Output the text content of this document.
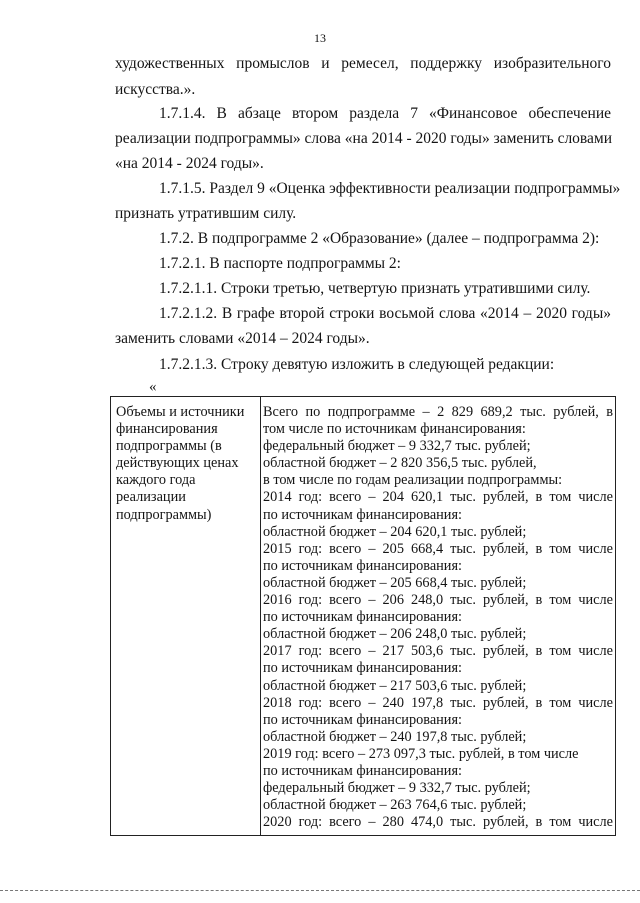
13
художественных промыслов и ремесел, поддержку изобразительного
искусства.».
1.7.1.4. В абзаце втором раздела 7 «Финансовое обеспечение
реализации подпрограммы» слова «на 2014 - 2020 годы» заменить словами
«на 2014 - 2024 годы».
1.7.1.5. Раздел 9 «Оценка эффективности реализации подпрограммы»
признать утратившим силу.
1.7.2. В подпрограмме 2 «Образование» (далее – подпрограмма 2):
1.7.2.1. В паспорте подпрограммы 2:
1.7.2.1.1. Строки третью, четвертую признать утратившими силу.
1.7.2.1.2. В графе второй строки восьмой слова «2014 – 2020 годы»
заменить словами «2014 – 2024 годы».
1.7.2.1.3. Строку девятую изложить в следующей редакции:
«
Объемы и источники
финансирования
подпрограммы (в
действующих ценах
каждого года
реализации
подпрограммы)
Всего по подпрограмме – 2 829 689,2 тыс. рублей, в
том числе по источникам финансирования:
федеральный бюджет – 9 332,7 тыс. рублей;
областной бюджет – 2 820 356,5 тыс. рублей,
в том числе по годам реализации подпрограммы:
2014 год: всего – 204 620,1 тыс. рублей, в том числе
по источникам финансирования:
областной бюджет – 204 620,1 тыс. рублей;
2015 год: всего – 205 668,4 тыс. рублей, в том числе
по источникам финансирования:
областной бюджет – 205 668,4 тыс. рублей;
2016 год: всего – 206 248,0 тыс. рублей, в том числе
по источникам финансирования:
областной бюджет – 206 248,0 тыс. рублей;
2017 год: всего – 217 503,6 тыс. рублей, в том числе
по источникам финансирования:
областной бюджет – 217 503,6 тыс. рублей;
2018 год: всего – 240 197,8 тыс. рублей, в том числе
по источникам финансирования:
областной бюджет – 240 197,8 тыс. рублей;
2019 год: всего – 273 097,3 тыс. рублей, в том числе
по источникам финансирования:
федеральный бюджет – 9 332,7 тыс. рублей;
областной бюджет – 263 764,6 тыс. рублей;
2020 год: всего – 280 474,0 тыс. рублей, в том числе
